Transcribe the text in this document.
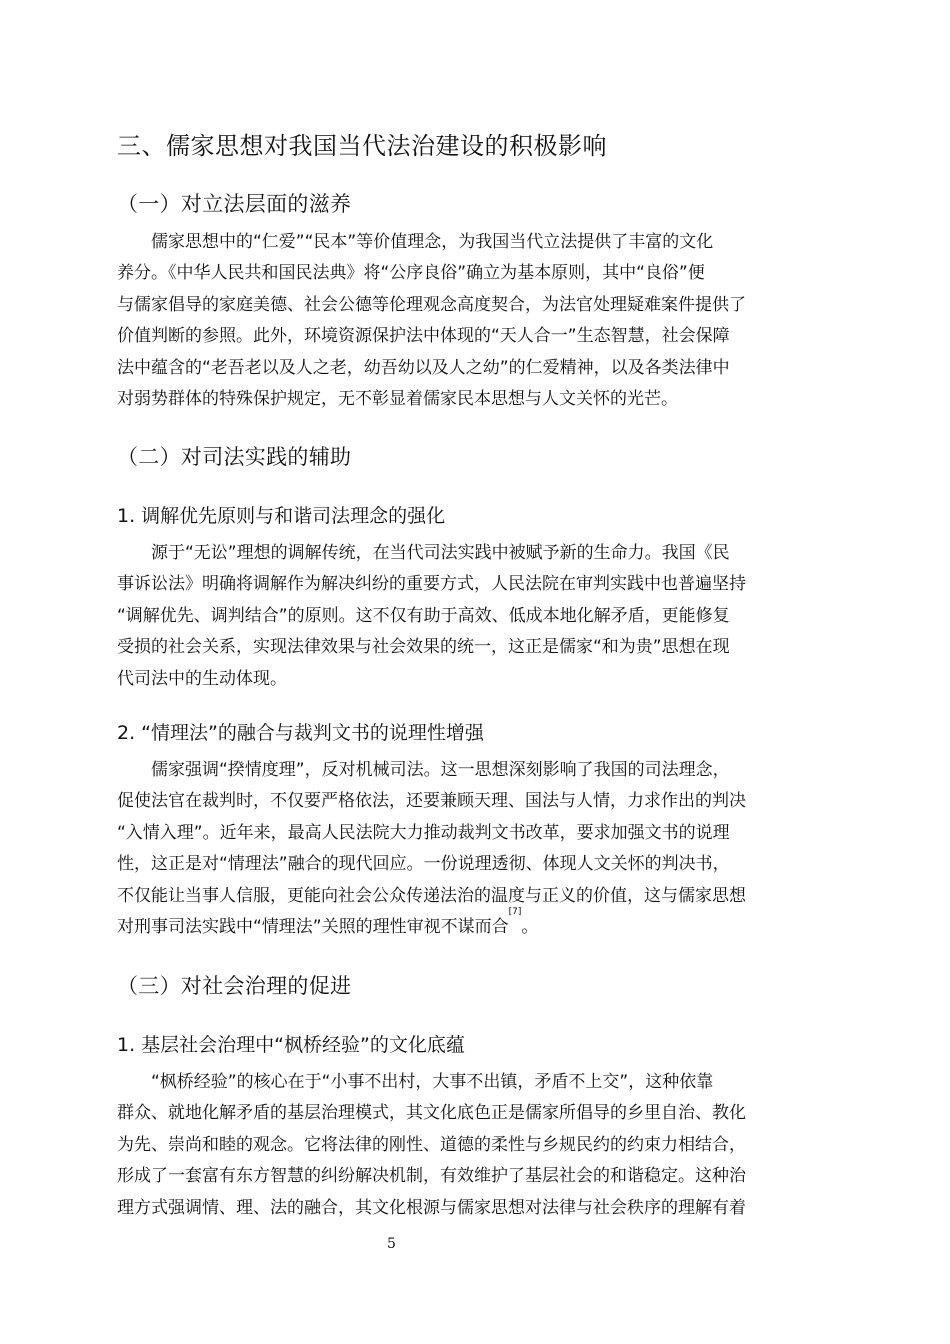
三、儒家思想对我国当代法治建设的积极影响
（一）对立法层面的滋养
儒家思想中的“仁爱”“民本”等价值理念，为我国当代立法提供了丰富的文化
养分。《中华人民共和国民法典》将“公序良俗”确立为基本原则，其中“良俗”便
与儒家倡导的家庭美德、社会公德等伦理观念高度契合，为法官处理疑难案件提供了
价值判断的参照。此外，环境资源保护法中体现的“天人合一”生态智慧，社会保障
法中蕴含的“老吾老以及人之老，幼吾幼以及人之幼”的仁爱精神，以及各类法律中
对弱势群体的特殊保护规定，无不彰显着儒家民本思想与人文关怀的光芒。
（二）对司法实践的辅助
1. 调解优先原则与和谐司法理念的强化
源于“无讼”理想的调解传统，在当代司法实践中被赋予新的生命力。我国《民
事诉讼法》明确将调解作为解决纠纷的重要方式，人民法院在审判实践中也普遍坚持
“调解优先、调判结合”的原则。这不仅有助于高效、低成本地化解矛盾，更能修复
受损的社会关系，实现法律效果与社会效果的统一，这正是儒家“和为贵”思想在现
代司法中的生动体现。
2. “情理法”的融合与裁判文书的说理性增强
儒家强调“揆情度理”，反对机械司法。这一思想深刻影响了我国的司法理念，
促使法官在裁判时，不仅要严格依法，还要兼顾天理、国法与人情，力求作出的判决
“入情入理”。近年来，最高人民法院大力推动裁判文书改革，要求加强文书的说理
性，这正是对“情理法”融合的现代回应。一份说理透彻、体现人文关怀的判决书，
不仅能让当事人信服，更能向社会公众传递法治的温度与正义的价值，这与儒家思想
对刑事司法实践中“情理法”关照的理性审视不谋而合
[7]
。
（三）对社会治理的促进
1. 基层社会治理中“枫桥经验”的文化底蕴
“枫桥经验”的核心在于“小事不出村，大事不出镇，矛盾不上交”，这种依靠
群众、就地化解矛盾的基层治理模式，其文化底色正是儒家所倡导的乡里自治、教化
为先、崇尚和睦的观念。它将法律的刚性、道德的柔性与乡规民约的约束力相结合，
形成了一套富有东方智慧的纠纷解决机制，有效维护了基层社会的和谐稳定。这种治
理方式强调情、理、法的融合，其文化根源与儒家思想对法律与社会秩序的理解有着
5
